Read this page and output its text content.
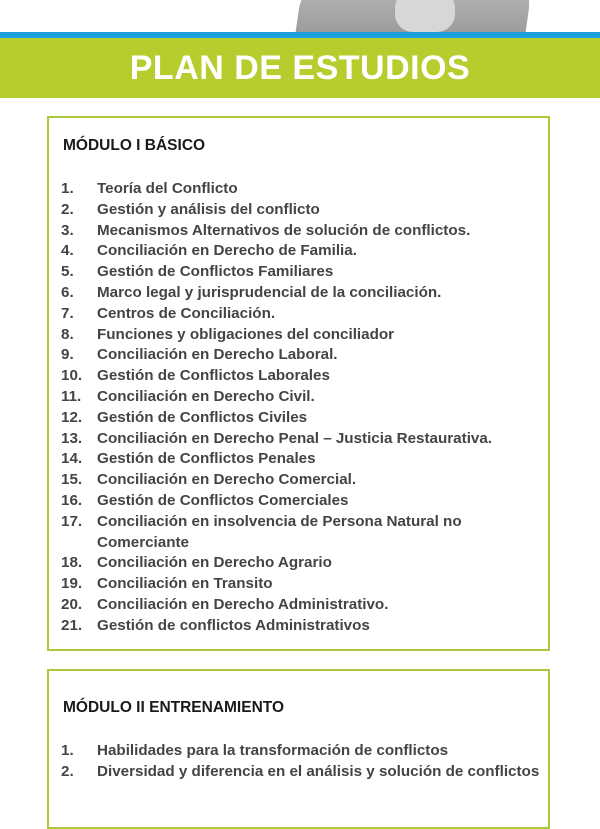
PLAN DE ESTUDIOS
MÓDULO I BÁSICO
1.	Teoría del Conflicto
2.	Gestión y análisis del conflicto
3.	Mecanismos Alternativos de solución de conflictos.
4.	Conciliación en Derecho de Familia.
5.	Gestión de Conflictos Familiares
6.	Marco legal y jurisprudencial de la conciliación.
7.	Centros de Conciliación.
8.	Funciones y obligaciones del conciliador
9.	Conciliación en Derecho Laboral.
10. Gestión de Conflictos Laborales
11.	Conciliación en Derecho Civil.
12. Gestión de Conflictos Civiles
13. Conciliación en Derecho Penal – Justicia Restaurativa.
14. Gestión de Conflictos Penales
15. Conciliación en Derecho Comercial.
16. Gestión de Conflictos Comerciales
17. Conciliación en insolvencia de Persona Natural no Comerciante
18. Conciliación en Derecho Agrario
19. Conciliación en Transito
20. Conciliación en Derecho Administrativo.
21. Gestión de conflictos Administrativos
MÓDULO II ENTRENAMIENTO
1.	Habilidades para la transformación de conflictos
2.	Diversidad y diferencia en el análisis y solución de conflictos
